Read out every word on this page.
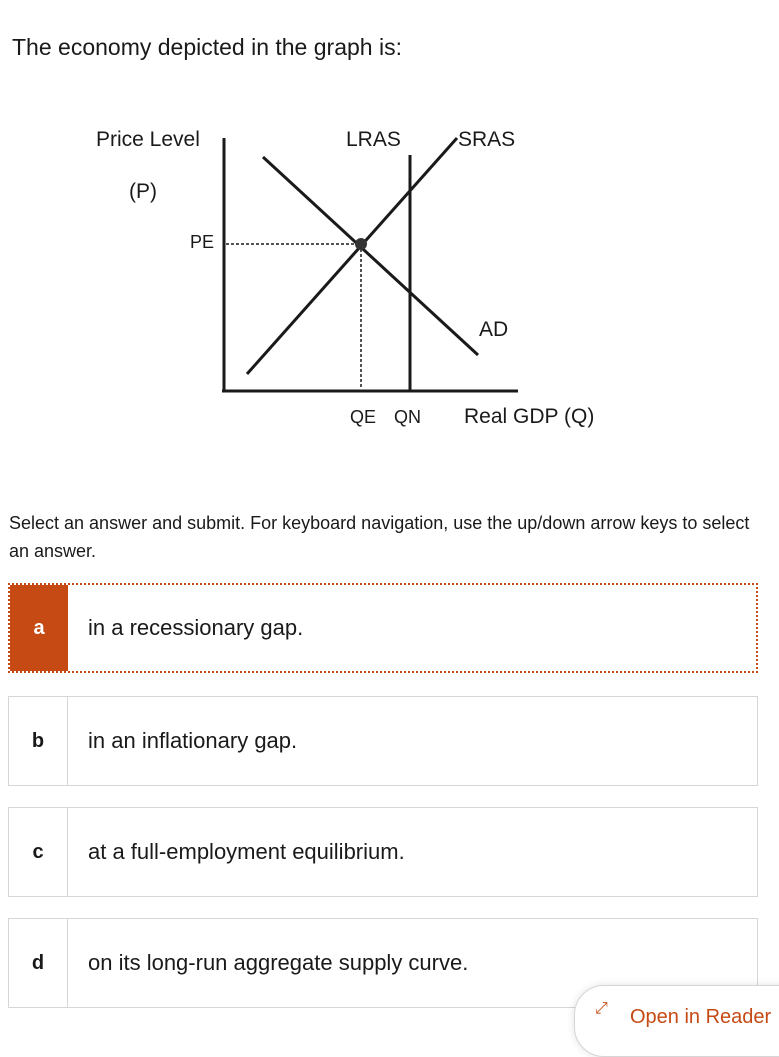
The economy depicted in the graph is:
Price Level
(P)
PE
LRAS	SRAS
AD
QE QN Real GDP (Q)
Select an answer and submit. For keyboard navigation, use the up/down arrow keys to select an answer.
a	in a recessionary gap.
b	in an inflationary gap.
c	at a full-employment equilibrium.
d	on its long-run aggregate supply curve.
⤢ Open in Reader
